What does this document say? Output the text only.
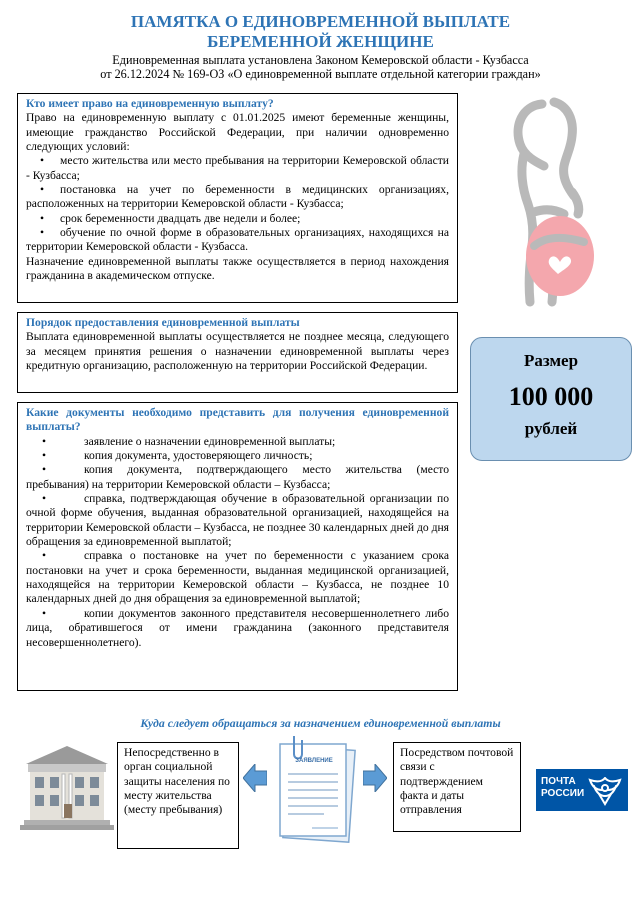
ПАМЯТКА О ЕДИНОВРЕМЕННОЙ ВЫПЛАТЕ
БЕРЕМЕННОЙ ЖЕНЩИНЕ
Единовременная выплата установлена Законом Кемеровской области - Кузбасса
от 26.12.2024 № 169-ОЗ «О единовременной выплате отдельной категории граждан»
Кто имеет право на единовременную выплату?

Право на единовременную выплату с 01.01.2025 имеют беременные женщины, имеющие гражданство Российской Федерации, при наличии одновременно следующих условий:

• место жительства или место пребывания на территории Кемеровской области - Кузбасса;
• постановка на учет по беременности в медицинских организациях, расположенных на территории Кемеровской области - Кузбасса;
• срок беременности двадцать две недели и более;
• обучение по очной форме в образовательных организациях, находящихся на территории Кемеровской области - Кузбасса.

Назначение единовременной выплаты также осуществляется в период нахождения гражданина в академическом отпуске.

Порядок предоставления единовременной выплаты

Выплата единовременной выплаты осуществляется не позднее месяца, следующего за месяцем принятия решения о назначении единовременной выплаты через кредитную организацию, расположенную на территории Российской Федерации.	Размер
100 000
рублей
Какие документы необходимо представить для получения единовременной выплаты?
•	заявление о назначении единовременной выплаты;
•	копия документа, удостоверяющего личность;
•	копия документа, подтверждающего место жительства (место пребывания) на территории Кемеровской области – Кузбасса;
•	справка, подтверждающая обучение в образовательной организации по очной форме обучения, выданная образовательной организацией, находящейся на территории Кемеровской области – Кузбасса, не позднее 30 календарных дней до дня обращения за единовременной выплатой;
•	справка о постановке на учет по беременности с указанием срока постановки на учет и срока беременности, выданная медицинской организацией, находящейся на территории Кемеровской области – Кузбасса, не позднее 10 календарных дней до дня обращения за единовременной выплатой;
•	копии документов законного представителя несовершеннолетнего либо лица, обратившегося от имени гражданина (законного представителя несовершеннолетнего).
Куда следует обращаться за назначением единовременной выплаты
Непосредственно в орган социальной защиты населения по месту жительства (месту пребывания)
ЗАЯВЛЕНИЕ
Посредством почтовой связи с подтверждением факта и даты отправления
ПОЧТА
РОССИИ
